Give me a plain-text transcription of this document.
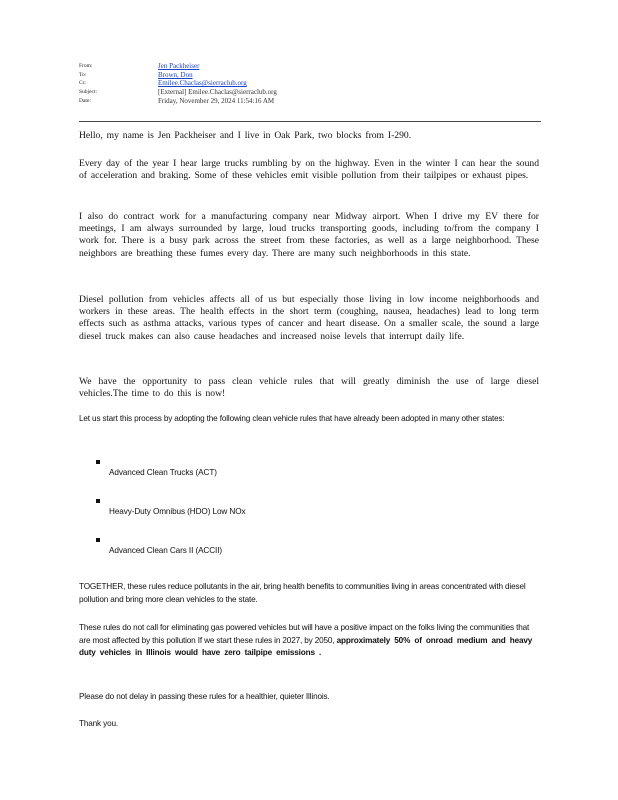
From:	Jen Packheiser
To:	Brown, Don
Cc:	Emilee.Chaclas@sierraclub.org
Subject:	[External] Emilee.Chaclas@sierraclub.org
Date:	Friday, November 29, 2024 11:54:16 AM
Hello, my name is Jen Packheiser and I live in Oak Park, two blocks from I-290.
Every day of the year I hear large trucks rumbling by on the highway. Even in the winter I can hear the sound of acceleration and braking. Some of these vehicles emit visible pollution from their tailpipes or exhaust pipes.
I also do contract work for a manufacturing company near Midway airport. When I drive my EV there for meetings, I am always surrounded by large, loud trucks transporting goods, including to/from the company I work for. There is a busy park across the street from these factories, as well as a large neighborhood. These neighbors are breathing these fumes every day. There are many such neighborhoods in this state.
Diesel pollution from vehicles affects all of us but especially those living in low income neighborhoods and workers in these areas. The health effects in the short term (coughing, nausea, headaches) lead to long term effects such as asthma attacks, various types of cancer and heart disease. On a smaller scale, the sound a large diesel truck makes can also cause headaches and increased noise levels that interrupt daily life.
We have the opportunity to pass clean vehicle rules that will greatly diminish the use of large diesel vehicles.The time to do this is now!
Let us start this process by adopting the following clean vehicle rules that have already been adopted in many other states:
Advanced Clean Trucks (ACT)
Heavy-Duty Omnibus (HDO) Low NOx
Advanced Clean Cars II (ACCII)
TOGETHER, these rules reduce pollutants in the air, bring health benefits to communities living in areas concentrated with diesel pollution and bring more clean vehicles to the state.
These rules do not call for eliminating gas powered vehicles but will have a positive impact on the folks living the communities that are most affected by this pollution If we start these rules in 2027, by 2050, approximately 50% of onroad medium and heavy duty vehicles in Illinois would have zero tailpipe emissions .
Please do not delay in passing these rules for a healthier, quieter Illinois.
Thank you.
